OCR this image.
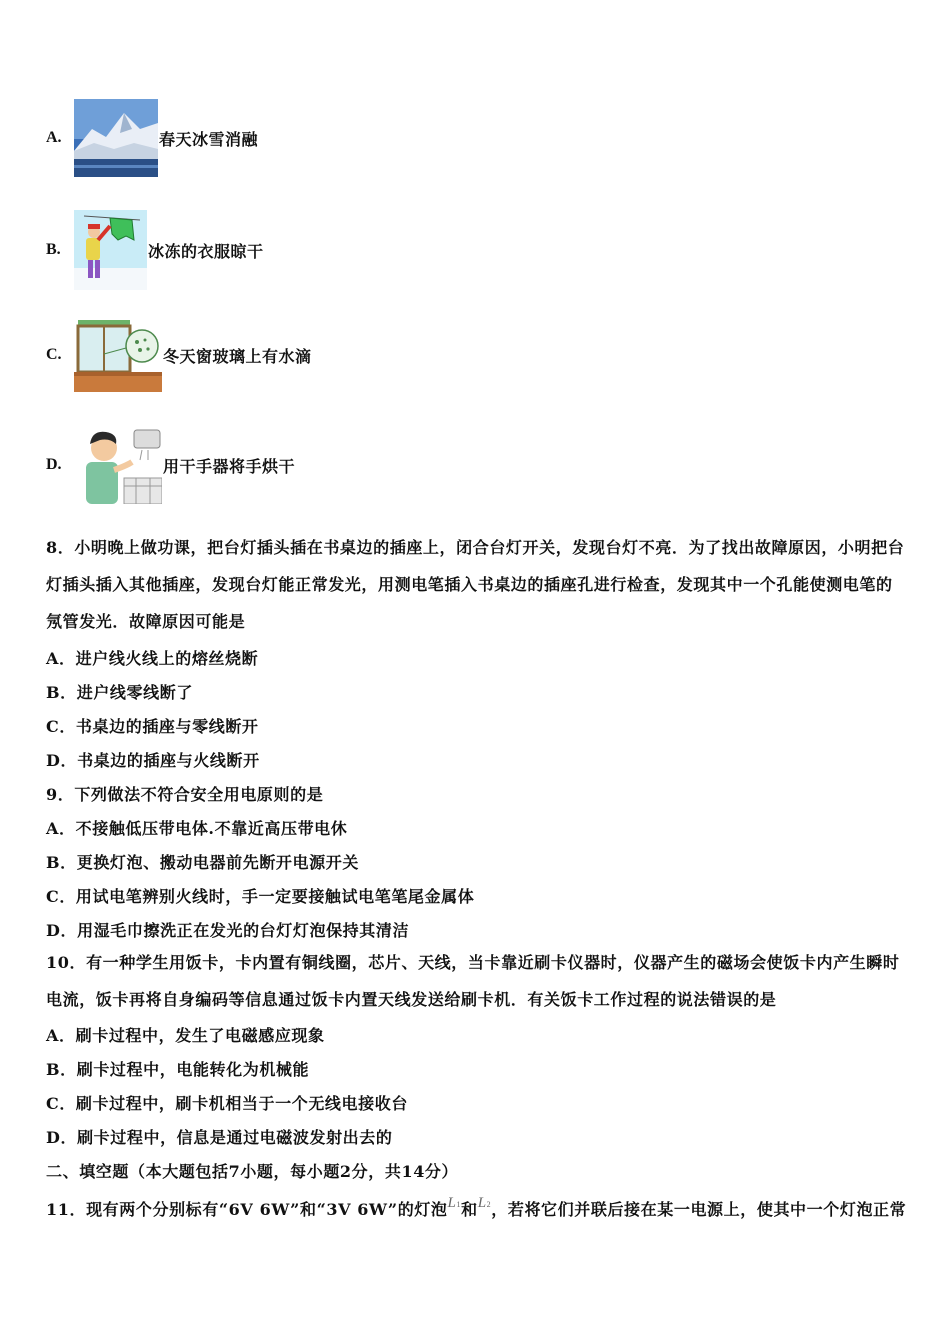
A.	春天冰雪消融
B.	冰冻的衣服晾干
C.	冬天窗玻璃上有水滴
D.	用干手器将手烘干
8．小明晚上做功课，把台灯插头插在书桌边的插座上，闭合台灯开关，发现台灯不亮．为了找出故障原因，小明把台灯插头插入其他插座，发现台灯能正常发光，用测电笔插入书桌边的插座孔进行检查，发现其中一个孔能使测电笔的氖管发光．故障原因可能是
A．进户线火线上的熔丝烧断
B．进户线零线断了
C．书桌边的插座与零线断开
D．书桌边的插座与火线断开
9．下列做法不符合安全用电原则的是
A．不接触低压带电体.不靠近高压带电休
B．更换灯泡、搬动电器前先断开电源开关
C．用试电笔辨别火线时，手一定要接触试电笔笔尾金属体
D．用湿毛巾擦洗正在发光的台灯灯泡保持其清洁
10．有一种学生用饭卡，卡内置有铜线圈，芯片、天线，当卡靠近刷卡仪器时，仪器产生的磁场会使饭卡内产生瞬时电流，饭卡再将自身编码等信息通过饭卡内置天线发送给刷卡机．有关饭卡工作过程的说法错误的是
A．刷卡过程中，发生了电磁感应现象
B．刷卡过程中，电能转化为机械能
C．刷卡过程中，刷卡机相当于一个无线电接收台
D．刷卡过程中，信息是通过电磁波发射出去的
二、填空题（本大题包括7小题，每小题2分，共14分）
11．现有两个分别标有“6V 6W”和“3V 6W”的灯泡L1和L2，若将它们并联后接在某一电源上，使其中一个灯泡正常
